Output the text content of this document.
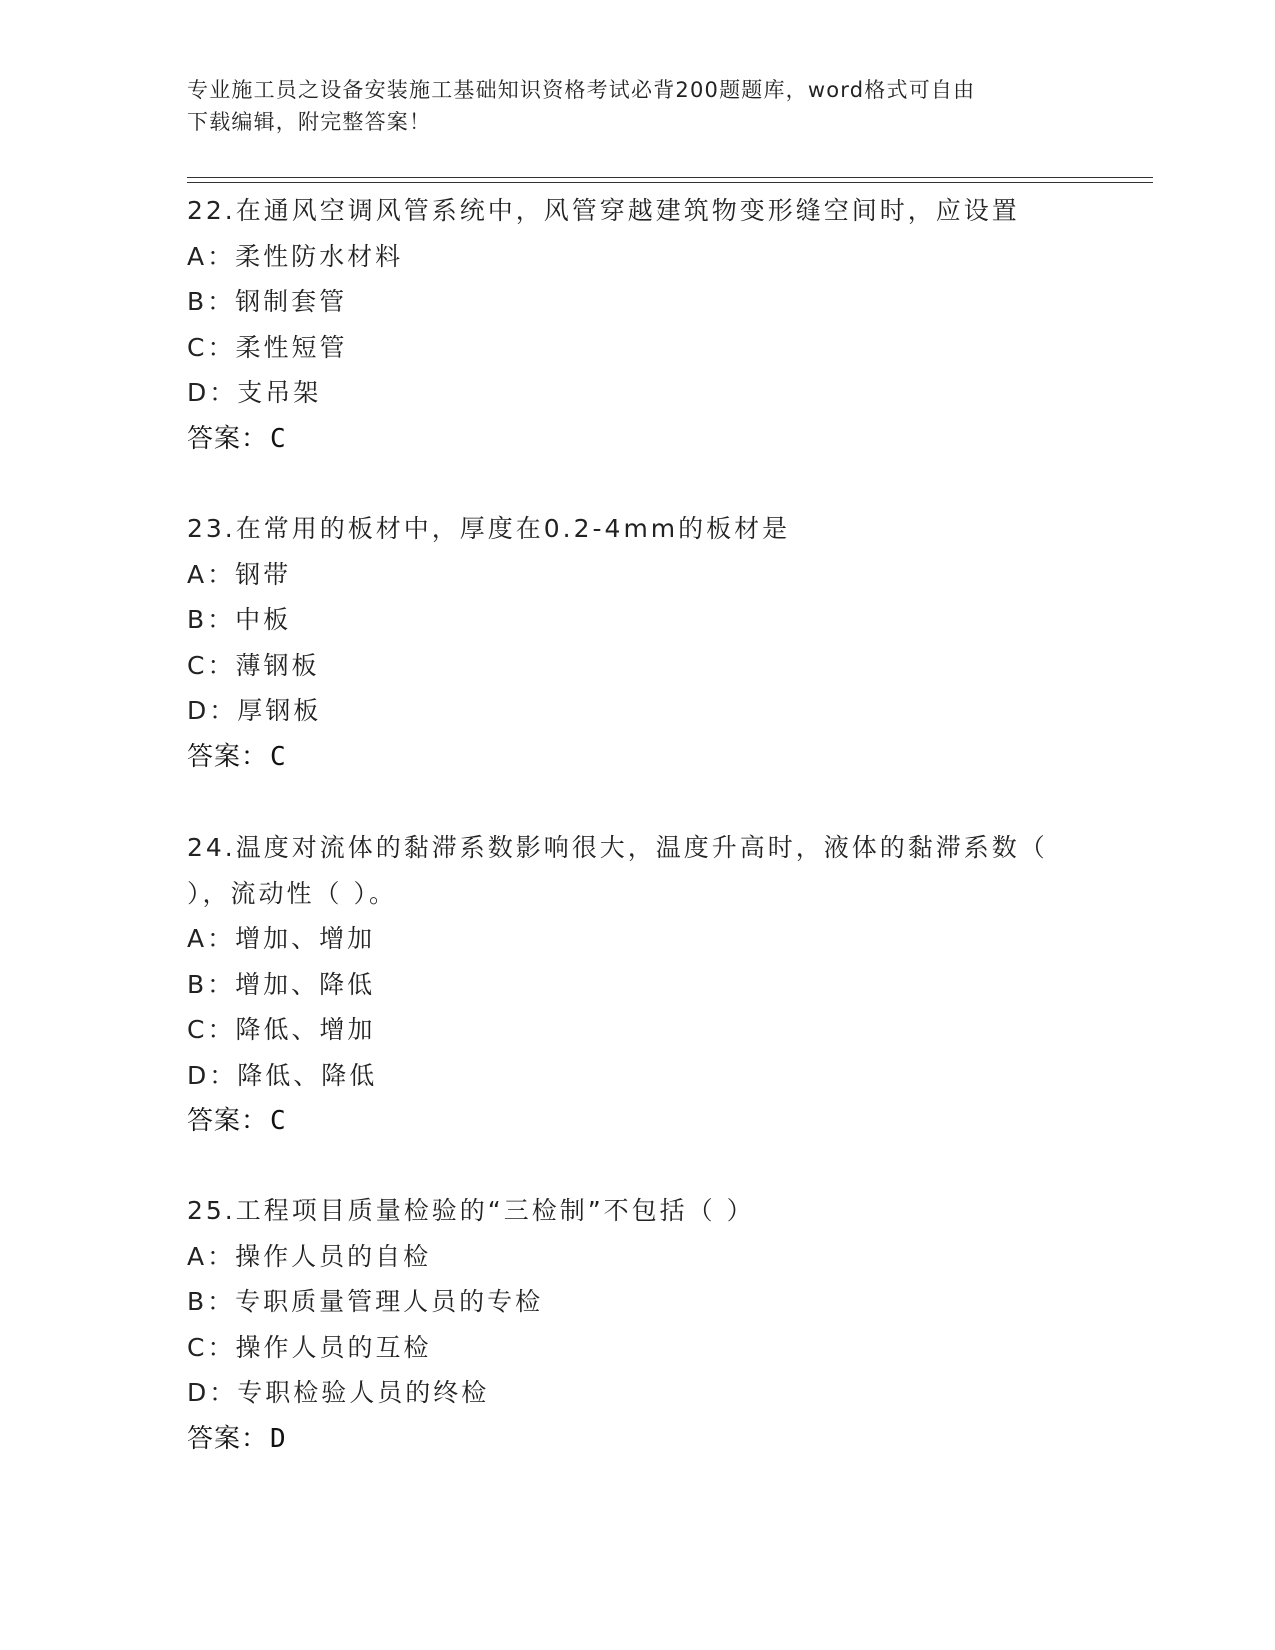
专业施工员之设备安装施工基础知识资格考试必背200题题库，word格式可自由
下载编辑，附完整答案！
22.在通风空调风管系统中，风管穿越建筑物变形缝空间时，应设置
A：柔性防水材料
B：钢制套管
C：柔性短管
D：支吊架
答案：C
23.在常用的板材中，厚度在0.2-4mm的板材是
A：钢带
B：中板
C：薄钢板
D：厚钢板
答案：C
24.温度对流体的黏滞系数影响很大，温度升高时，液体的黏滞系数（
），流动性（ ）。
A：增加、增加
B：增加、降低
C：降低、增加
D：降低、降低
答案：C
25.工程项目质量检验的“三检制”不包括（ ）
A：操作人员的自检
B：专职质量管理人员的专检
C：操作人员的互检
D：专职检验人员的终检
答案：D
